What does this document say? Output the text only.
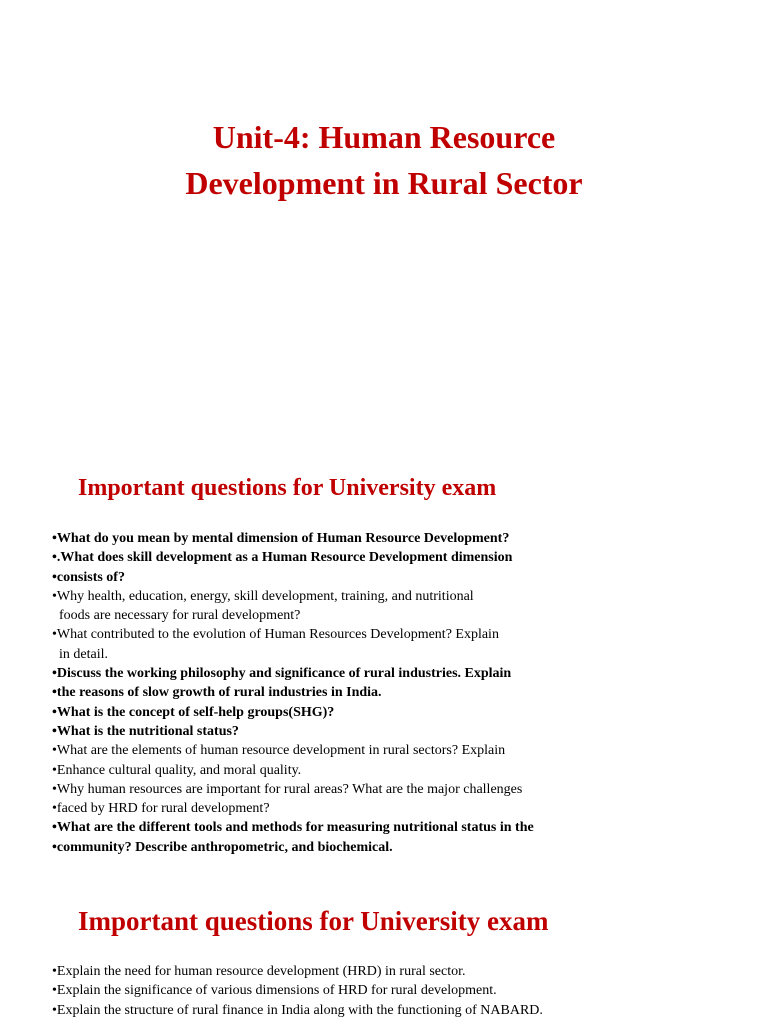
Unit-4: Human Resource
Development in Rural Sector
Important questions for University exam
•What do you mean by mental dimension of Human Resource Development?
•.What does skill development as a Human Resource Development dimension
•consists of?
•Why health, education, energy, skill development, training, and nutritional
foods are necessary for rural development?
•What contributed to the evolution of Human Resources Development? Explain
in detail.
•Discuss the working philosophy and significance of rural industries. Explain
•the reasons of slow growth of rural industries in India.
•What is the concept of self-help groups(SHG)?
•What is the nutritional status?
•What are the elements of human resource development in rural sectors? Explain
•Enhance cultural quality, and moral quality.
•Why human resources are important for rural areas? What are the major challenges
•faced by HRD for rural development?
•What are the different tools and methods for measuring nutritional status in the
•community? Describe anthropometric, and biochemical.
Important questions for University exam
•Explain the need for human resource development (HRD) in rural sector.
•Explain the significance of various dimensions of HRD for rural development.
•Explain the structure of rural finance in India along with the functioning of NABARD.
